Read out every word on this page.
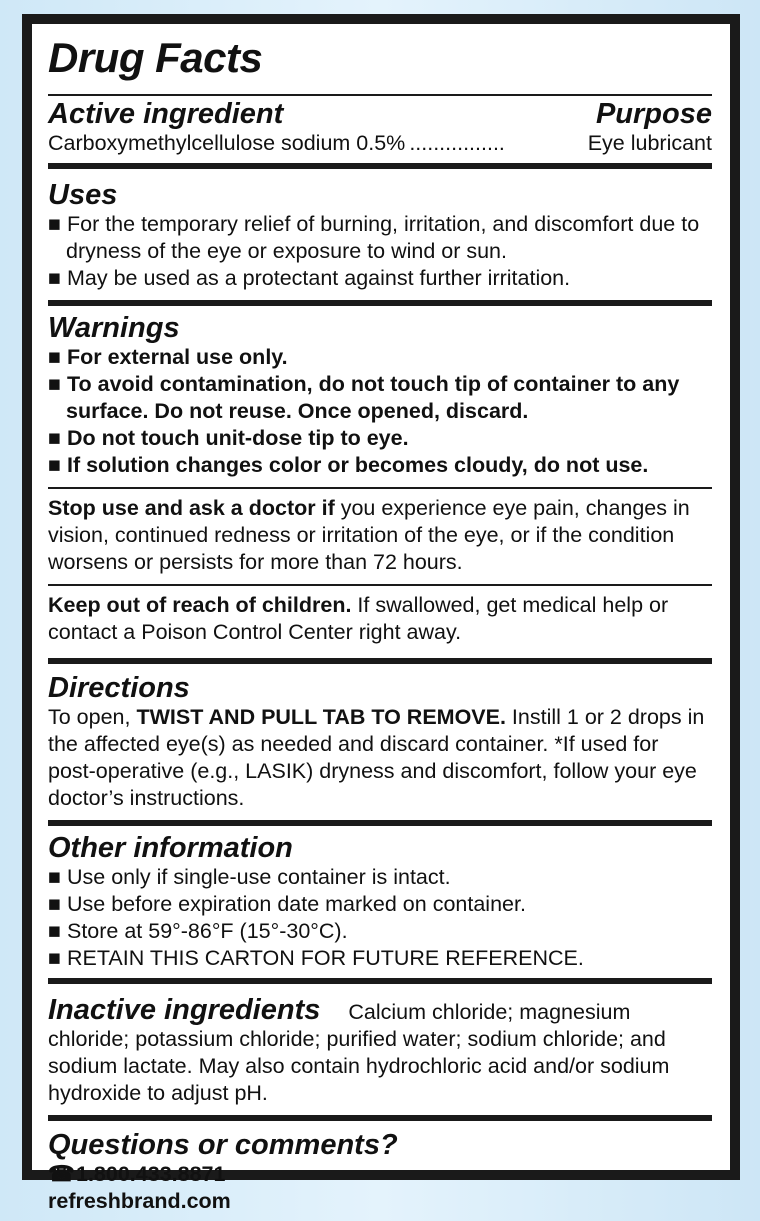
Drug Facts
Active ingredient	Purpose
Carboxymethylcellulose sodium 0.5% ................	Eye lubricant
Uses
■ For the temporary relief of burning, irritation, and discomfort due to dryness of the eye or exposure to wind or sun.
■ May be used as a protectant against further irritation.
Warnings
■ For external use only.
■ To avoid contamination, do not touch tip of container to any surface. Do not reuse. Once opened, discard.
■ Do not touch unit-dose tip to eye.
■ If solution changes color or becomes cloudy, do not use.
Stop use and ask a doctor if you experience eye pain, changes in vision, continued redness or irritation of the eye, or if the condition worsens or persists for more than 72 hours.
Keep out of reach of children. If swallowed, get medical help or contact a Poison Control Center right away.
Directions
To open, TWIST AND PULL TAB TO REMOVE. Instill 1 or 2 drops in the affected eye(s) as needed and discard container. *If used for post-operative (e.g., LASIK) dryness and discomfort, follow your eye doctor’s instructions.
Other information
■ Use only if single-use container is intact.
■ Use before expiration date marked on container.
■ Store at 59°-86°F (15°-30°C).
■ RETAIN THIS CARTON FOR FUTURE REFERENCE.
Inactive ingredients Calcium chloride; magnesium chloride; potassium chloride; purified water; sodium chloride; and sodium lactate. May also contain hydrochloric acid and/or sodium hydroxide to adjust pH.
Questions or comments?
☎1.800.433.8871
refreshbrand.com
